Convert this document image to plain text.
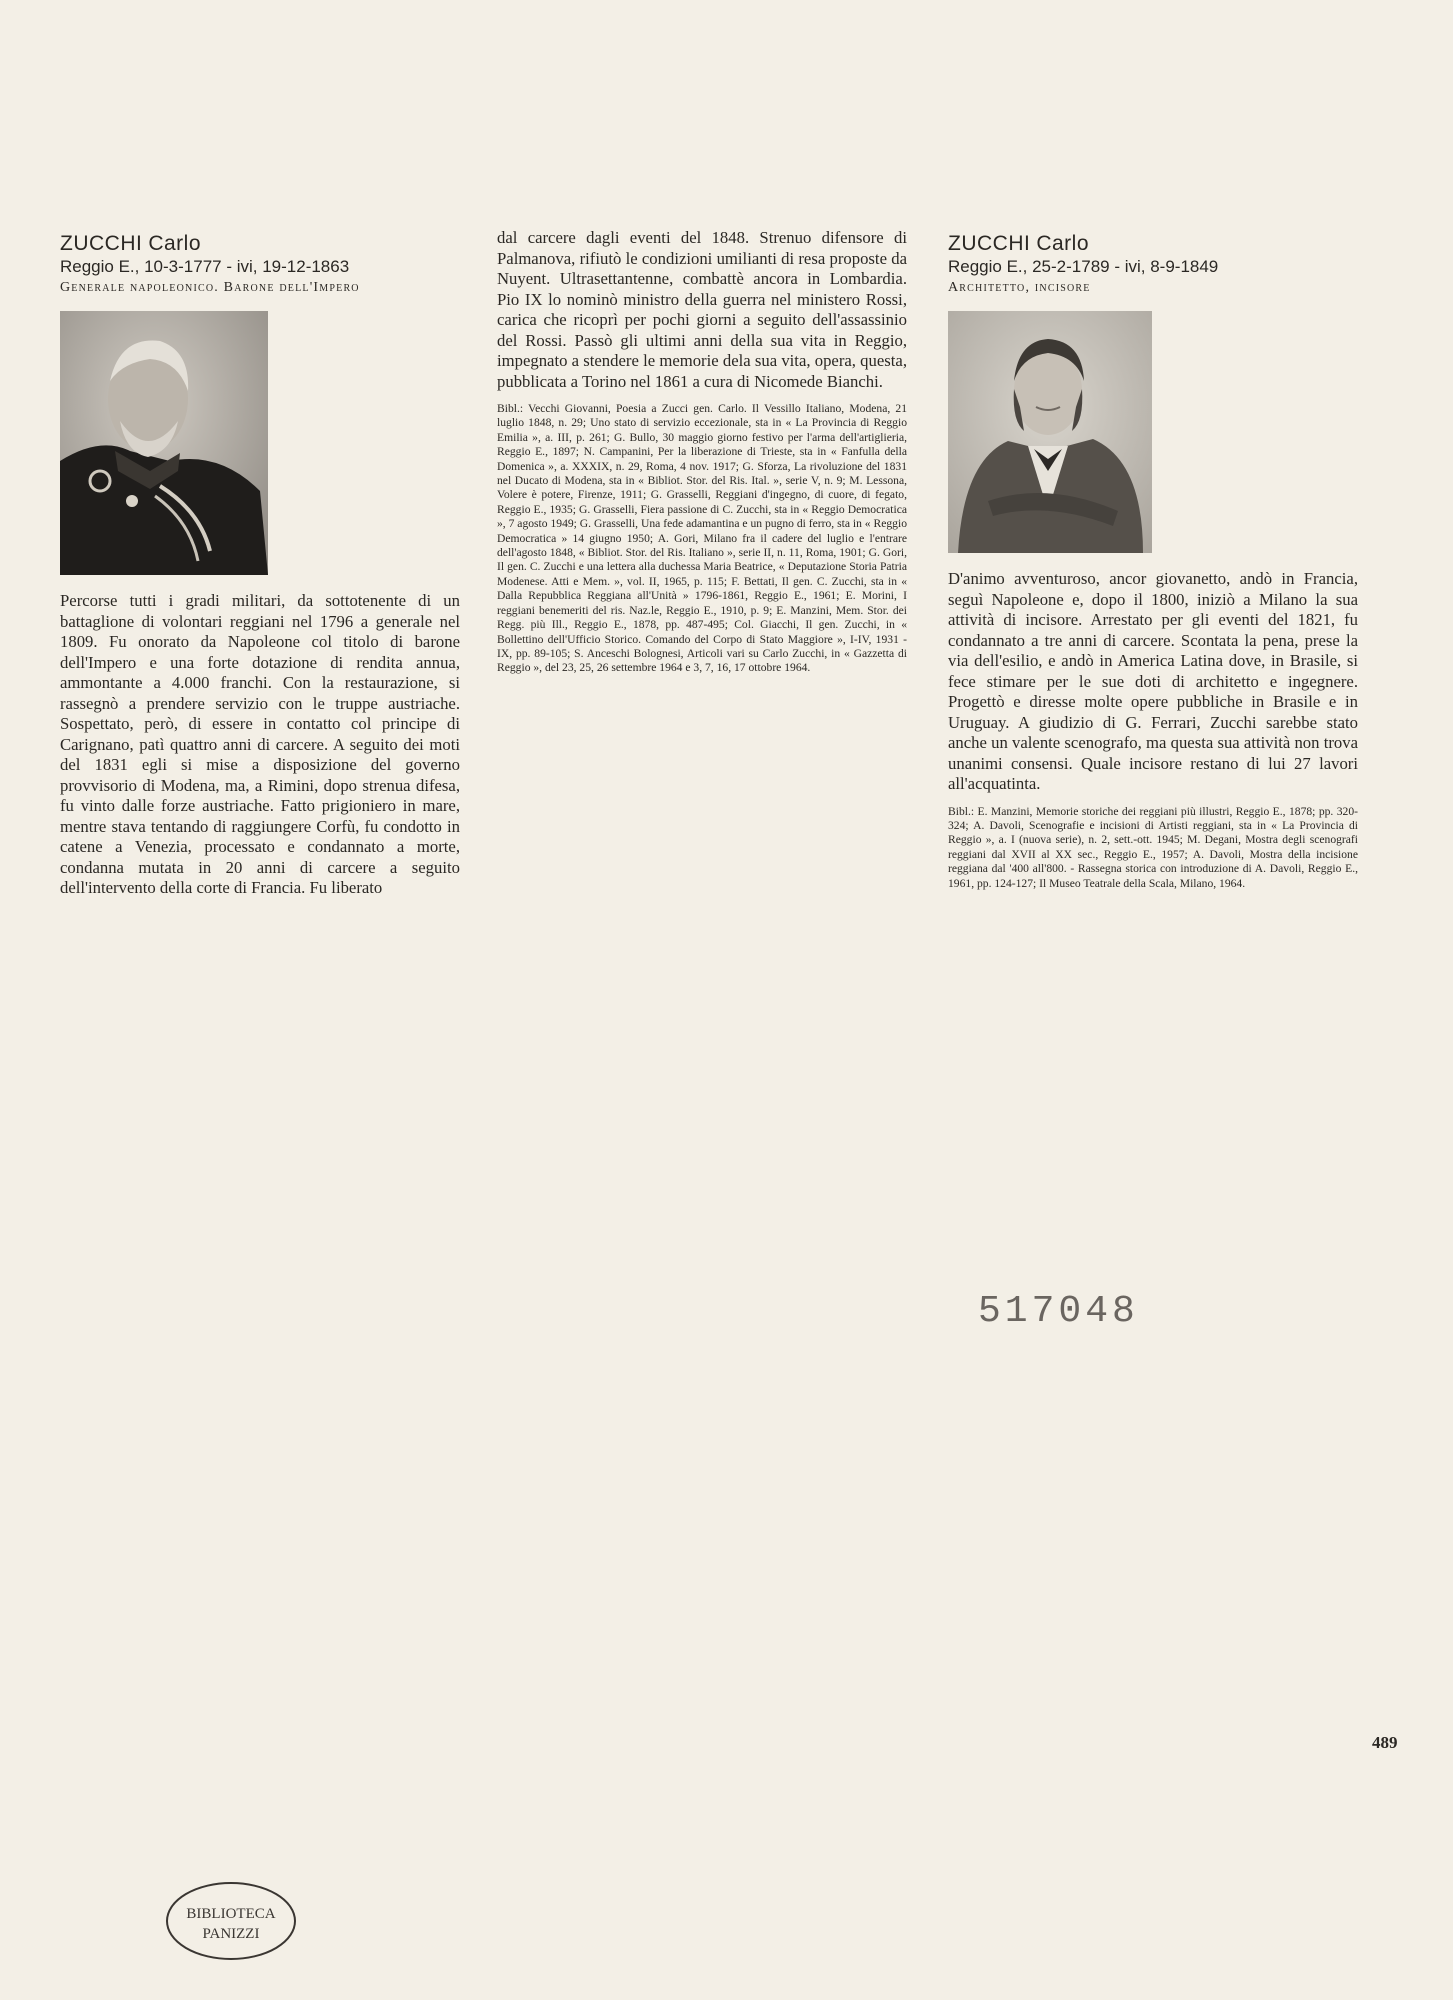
ZUCCHI Carlo

Reggio E., 10-3-1777 - ivi, 19-12-1863

Generale napoleonico. Barone dell'Impero

Percorse tutti i gradi militari, da sottotenente di un battaglione di volontari reggiani nel 1796 a generale nel 1809. Fu onorato da Napoleone col titolo di barone dell'Impero e una forte dotazione di rendita annua, ammontante a 4.000 franchi. Con la restaurazione, si rassegnò a prendere servizio con le truppe austriache. Sospettato, però, di essere in contatto col principe di Carignano, patì quattro anni di carcere. A seguito dei moti del 1831 egli si mise a disposizione del governo provvisorio di Modena, ma, a Rimini, dopo strenua difesa, fu vinto dalle forze austriache. Fatto prigioniero in mare, mentre stava tentando di raggiungere Corfù, fu condotto in catene a Venezia, processato e condannato a morte, condanna mutata in 20 anni di carcere a seguito dell'intervento della corte di Francia. Fu liberato

dal carcere dagli eventi del 1848. Strenuo difensore di Palmanova, rifiutò le condizioni umilianti di resa proposte da Nuyent. Ultrasettantenne, combattè ancora in Lombardia. Pio IX lo nominò ministro della guerra nel ministero Rossi, carica che ricoprì per pochi giorni a seguito dell'assassinio del Rossi. Passò gli ultimi anni della sua vita in Reggio, impegnato a stendere le memorie dela sua vita, opera, questa, pubblicata a Torino nel 1861 a cura di Nicomede Bianchi.

Bibl.: Vecchi Giovanni, Poesia a Zucci gen. Carlo. Il Vessillo Italiano, Modena, 21 luglio 1848, n. 29; Uno stato di servizio eccezionale, sta in « La Provincia di Reggio Emilia », a. III, p. 261; G. Bullo, 30 maggio giorno festivo per l'arma dell'artiglieria, Reggio E., 1897; N. Campanini, Per la liberazione di Trieste, sta in « Fanfulla della Domenica », a. XXXIX, n. 29, Roma, 4 nov. 1917; G. Sforza, La rivoluzione del 1831 nel Ducato di Modena, sta in « Bibliot. Stor. del Ris. Ital. », serie V, n. 9; M. Lessona, Volere è potere, Firenze, 1911; G. Grasselli, Reggiani d'ingegno, di cuore, di fegato, Reggio E., 1935; G. Grasselli, Fiera passione di C. Zucchi, sta in « Reggio Democratica », 7 agosto 1949; G. Grasselli, Una fede adamantina e un pugno di ferro, sta in « Reggio Democratica » 14 giugno 1950; A. Gori, Milano fra il cadere del luglio e l'entrare dell'agosto 1848, « Bibliot. Stor. del Ris. Italiano », serie II, n. 11, Roma, 1901; G. Gori, Il gen. C. Zucchi e una lettera alla duchessa Maria Beatrice, « Deputazione Storia Patria Modenese. Atti e Mem. », vol. II, 1965, p. 115; F. Bettati, Il gen. C. Zucchi, sta in « Dalla Repubblica Reggiana all'Unità » 1796-1861, Reggio E., 1961; E. Morini, I reggiani benemeriti del ris. Naz.le, Reggio E., 1910, p. 9; E. Manzini, Mem. Stor. dei Regg. più Ill., Reggio E., 1878, pp. 487-495; Col. Giacchi, Il gen. Zucchi, in « Bollettino dell'Ufficio Storico. Comando del Corpo di Stato Maggiore », I-IV, 1931 - IX, pp. 89-105; S. Anceschi Bolognesi, Articoli vari su Carlo Zucchi, in « Gazzetta di Reggio », del 23, 25, 26 settembre 1964 e 3, 7, 16, 17 ottobre 1964.

ZUCCHI Carlo

Reggio E., 25-2-1789 - ivi, 8-9-1849

Architetto, incisore

D'animo avventuroso, ancor giovanetto, andò in Francia, seguì Napoleone e, dopo il 1800, iniziò a Milano la sua attività di incisore. Arrestato per gli eventi del 1821, fu condannato a tre anni di carcere. Scontata la pena, prese la via dell'esilio, e andò in America Latina dove, in Brasile, si fece stimare per le sue doti di architetto e ingegnere. Progettò e diresse molte opere pubbliche in Brasile e in Uruguay. A giudizio di G. Ferrari, Zucchi sarebbe stato anche un valente scenografo, ma questa sua attività non trova unanimi consensi. Quale incisore restano di lui 27 lavori all'acquatinta.

Bibl.: E. Manzini, Memorie storiche dei reggiani più illustri, Reggio E., 1878; pp. 320-324; A. Davoli, Scenografie e incisioni di Artisti reggiani, sta in « La Provincia di Reggio », a. I (nuova serie), n. 2, sett.-ott. 1945; M. Degani, Mostra degli scenografi reggiani dal XVII al XX sec., Reggio E., 1957; A. Davoli, Mostra della incisione reggiana dal '400 all'800. - Rassegna storica con introduzione di A. Davoli, Reggio E., 1961, pp. 124-127; Il Museo Teatrale della Scala, Milano, 1964.

517048
489
BIBLIOTECA
PANIZZI
